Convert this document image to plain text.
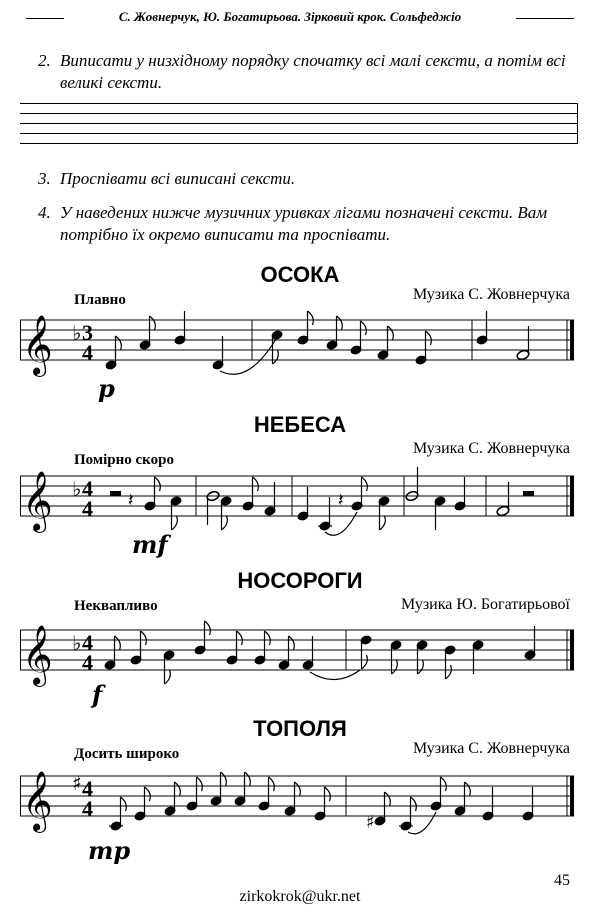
С. Жовнерчук, Ю. Богатирьова. Зірковий крок. Сольфеджіо
2. Виписати у низхідному порядку спочатку всі малі сексти, а потім всі великі сексти.
3. Проспівати всі виписані сексти.
4. У наведених нижче музичних уривках лігами позначені сексти. Вам потрібно їх окремо виписати та проспівати.
ОСОКА
Музика С. Жовнерчука
Плавно
𝄞 ♭ 3
4
p
НЕБЕСА
Музика С. Жовнерчука
Помірно скоро
𝄞 ♭ 4
4 𝄽	𝄽
mf
НОСОРОГИ
Музика Ю. Богатирьової
Неквапливо
𝄞 ♭ 4
4
f
ТОПОЛЯ
Музика С. Жовнерчука
Досить широко
𝄞 ♯ 4
4
♯
mp
45
zirkokrok@ukr.net
